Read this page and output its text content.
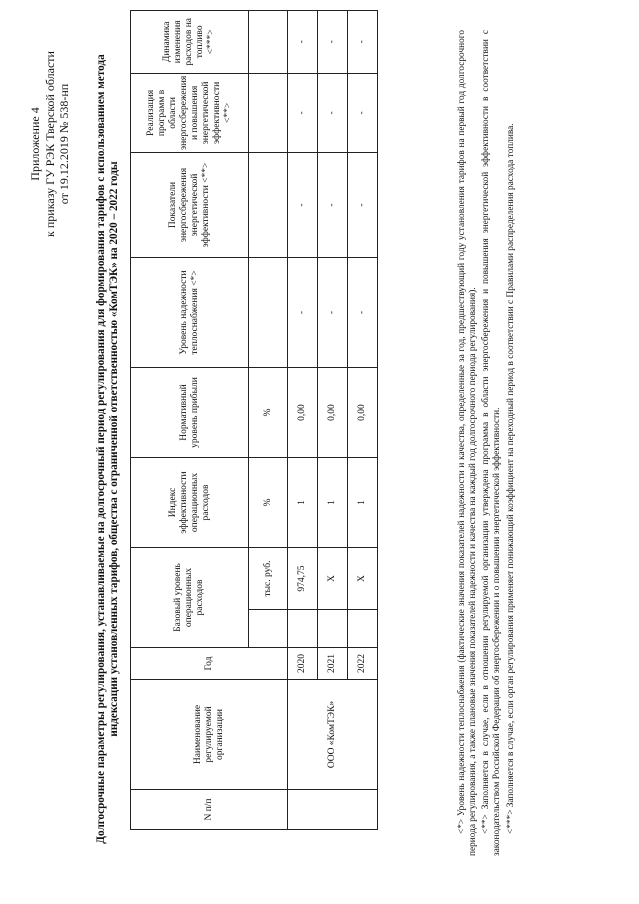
Приложение 4 к приказу ГУ РЭК Тверской области от 19.12.2019 № 538-нп Долгосрочные параметры регулирования, устанавливаемые на долгосрочный период регулирования для формирования тарифов с использованием метода индексации установленных тарифов, общества с ограниченной ответственностью «КомТЭК» на 2020 – 2022 годы
N п/п	Наименование регулируемой организации	Год	Базовый уровень операционных расходов		Индекс эффективности операционных расходов	Нормативный уровень прибыли	Уровень надежности теплоснабжения <*>	Показатели энергосбережения энергетической эффективности <**>	Реализация программ в области энергосбережения и повышения энергетической эффективности <**>	Динамика изменения расходов на топливо <***>
				тыс. руб.	%	%				
	ООО «КомТЭК»	2020		974,75	1	0,00	-	-	-	-
		2021		Х	1	0,00	-	-	-	-
		2022		Х	1	0,00	-	-	-	-	<*> Уровень надежности теплоснабжения (фактические значения показателей надежности и качества, определенные за год, предшествующий году установления тарифов на первый год долгосрочного периода регулирования, а также плановые значения показателей надежности и качества на каждый год долгосрочного периода регулирования). <**> Заполняется в случае, если в отношении регулируемой организации утверждена программа в области энергосбережения и повышения энергетической эффективности в соответствии с законодательством Российской Федерации об энергосбережении и о повышении энергетической эффективности. <***> Заполняется в случае, если орган регулирования применяет понижающий коэффициент на переходный период в соответствии с Правилами распределения расхода топлива.
